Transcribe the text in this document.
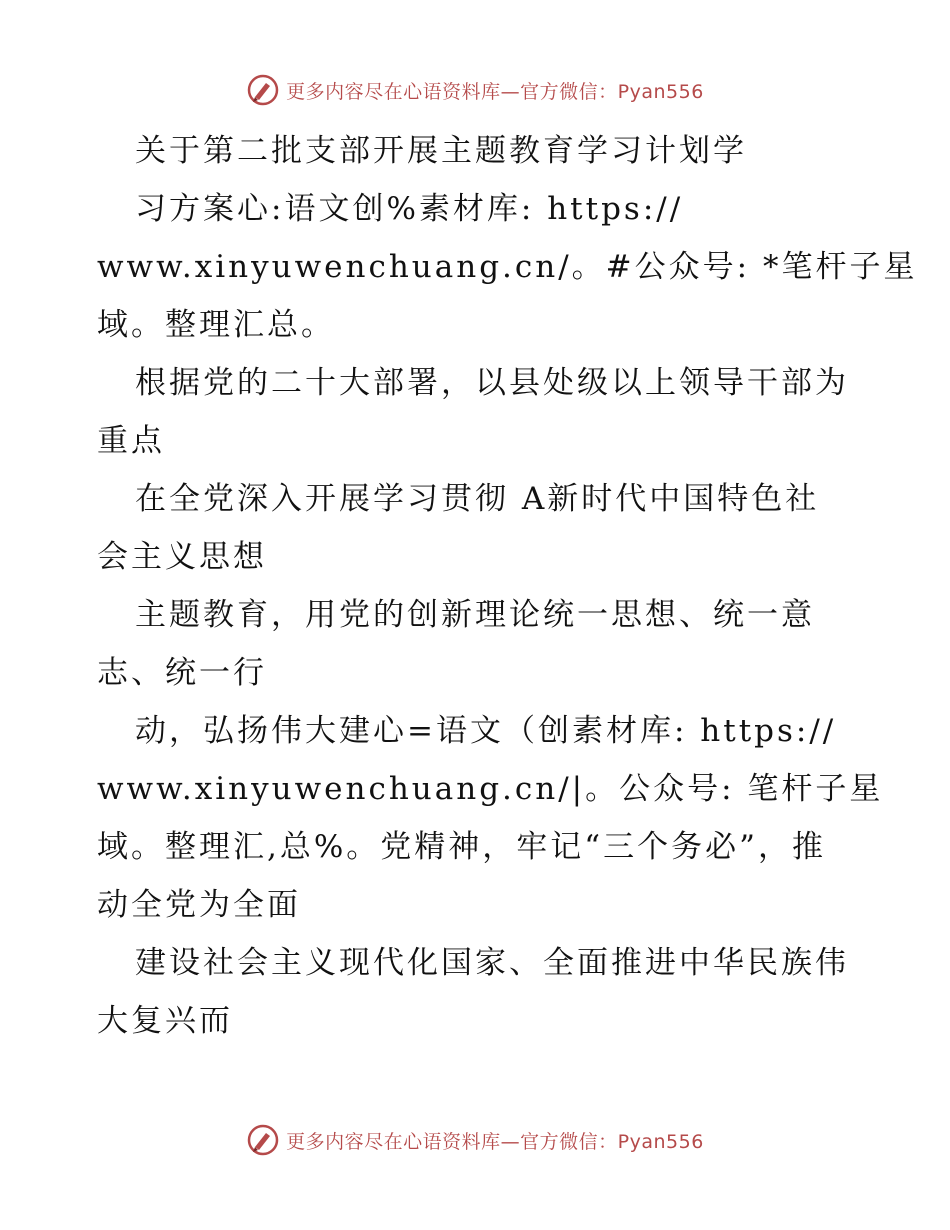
更多内容尽在心语资料库—官方微信：Pyan556
关于第二批支部开展主题教育学习计划学
习方案心:语文创%素材库: https://
www.xinyuwenchuang.cn/。#公众号: *笔杆子星
域。整理汇总。
根据党的二十大部署，以县处级以上领导干部为
重点
在全党深入开展学习贯彻 A新时代中国特色社
会主义思想
主题教育，用党的创新理论统一思想、统一意
志、统一行
动，弘扬伟大建心=语文（创素材库: https://
www.xinyuwenchuang.cn/|。公众号: 笔杆子星
域。整理汇,总%。党精神，牢记“三个务必”，推
动全党为全面
建设社会主义现代化国家、全面推进中华民族伟
大复兴而
更多内容尽在心语资料库—官方微信：Pyan556
